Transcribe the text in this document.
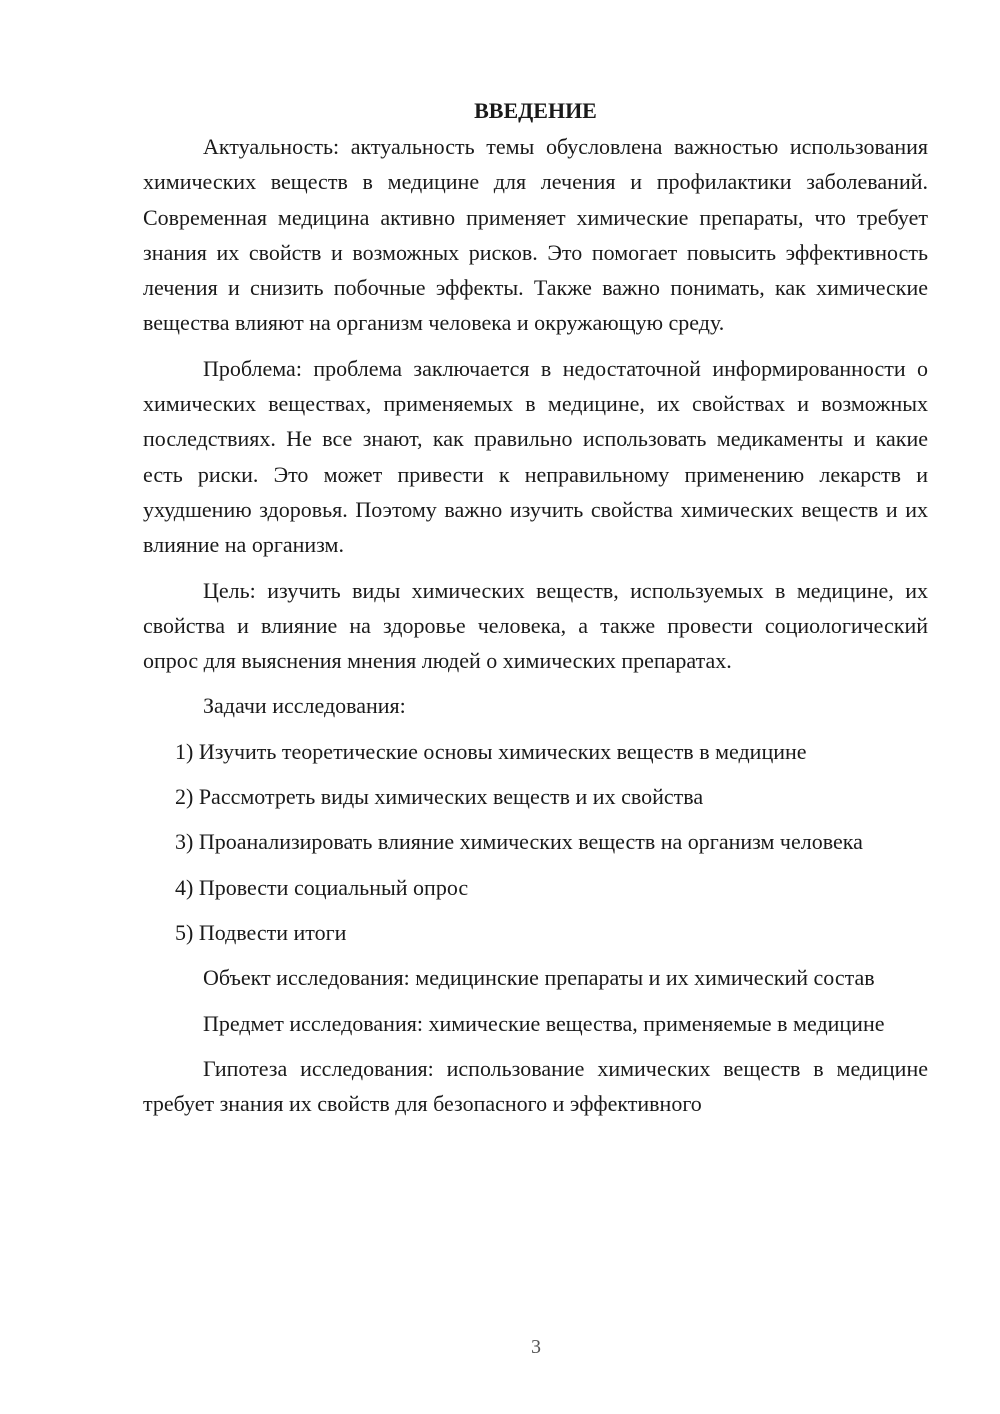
ВВЕДЕНИЕ

Актуальность: актуальность темы обусловлена важностью использования химических веществ в медицине для лечения и профилактики заболеваний. Современная медицина активно применяет химические препараты, что требует знания их свойств и возможных рисков. Это помогает повысить эффективность лечения и снизить побочные эффекты. Также важно понимать, как химические вещества влияют на организм человека и окружающую среду.

Проблема: проблема заключается в недостаточной информированности о химических веществах, применяемых в медицине, их свойствах и возможных последствиях. Не все знают, как правильно использовать медикаменты и какие есть риски. Это может привести к неправильному применению лекарств и ухудшению здоровья. Поэтому важно изучить свойства химических веществ и их влияние на организм.

Цель: изучить виды химических веществ, используемых в медицине, их свойства и влияние на здоровье человека, а также провести социологический опрос для выяснения мнения людей о химических препаратах.

Задачи исследования:

1) Изучить теоретические основы химических веществ в медицине

2) Рассмотреть виды химических веществ и их свойства

3) Проанализировать влияние химических веществ на организм человека

4) Провести социальный опрос

5) Подвести итоги

Объект исследования: медицинские препараты и их химический состав

Предмет исследования: химические вещества, применяемые в медицине

Гипотеза исследования: использование химических веществ в медицине требует знания их свойств для безопасного и эффективного

3
